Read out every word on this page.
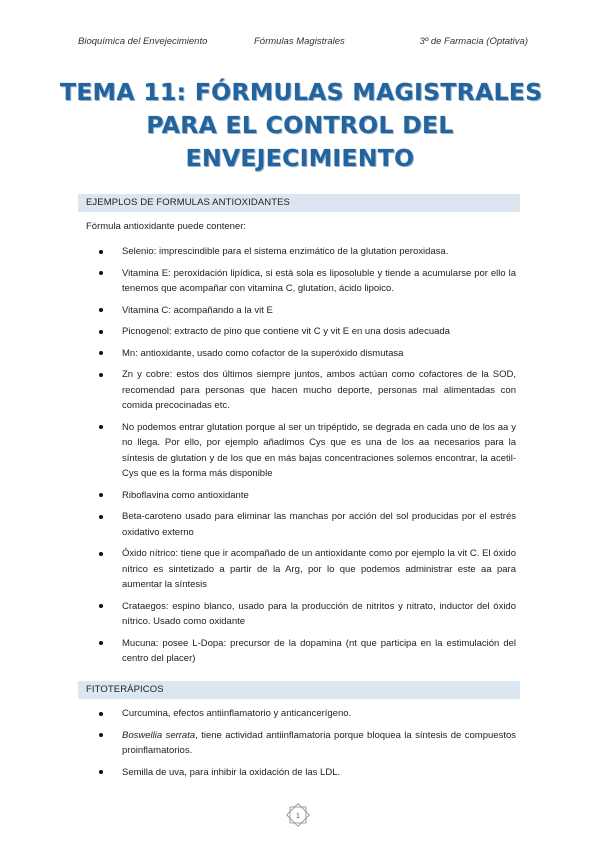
Bioquímica del Envejecimiento	Fórmulas Magistrales	3º de Farmacia (Optativa)
TEMA 11: FÓRMULAS MAGISTRALES
PARA EL CONTROL DEL
ENVEJECIMIENTO
EJEMPLOS DE FORMULAS ANTIOXIDANTES
Fórmula antioxidante puede contener:
Selenio: imprescindible para el sistema enzimático de la glutation peroxidasa.
Vitamina E: peroxidación lipídica, si está sola es liposoluble y tiende a acumularse por ello la tenemos que acompañar con vitamina C, glutation, ácido lipoico.
Vitamina C: acompañando a la vit E
Picnogenol: extracto de pino que contiene vit C y vit E en una dosis adecuada
Mn: antioxidante, usado como cofactor de la superóxido dismutasa
Zn y cobre: estos dos últimos siempre juntos, ambos actúan como cofactores de la SOD, recomendad para personas que hacen mucho deporte, personas mal alimentadas con comida precocinadas etc.
No podemos entrar glutation porque al ser un tripéptido, se degrada en cada uno de los aa y no llega. Por ello, por ejemplo añadimos Cys que es una de los aa necesarios para la síntesis de glutation y de los que en más bajas concentraciones solemos encontrar, la acetil-Cys que es la forma más disponible
Riboflavina como antioxidante
Beta-caroteno usado para eliminar las manchas por acción del sol producidas por el estrés oxidativo externo
Óxido nítrico: tiene que ir acompañado de un antioxidante como por ejemplo la vit C. El óxido nítrico es sintetizado a partir de la Arg, por lo que podemos administrar este aa para aumentar la síntesis
Crataegos: espino blanco, usado para la producción de nitritos y nitrato, inductor del óxido nítrico. Usado como oxidante
Mucuna: posee L-Dopa: precursor de la dopamina (nt que participa en la estimulación del centro del placer)
FITOTERÁPICOS
Curcumina, efectos antiinflamatorio y anticancerígeno.
Boswellia serrata, tiene actividad antiinflamatoria porque bloquea la síntesis de compuestos proinflamatorios.
Semilla de uva, para inhibir la oxidación de las LDL.
1
